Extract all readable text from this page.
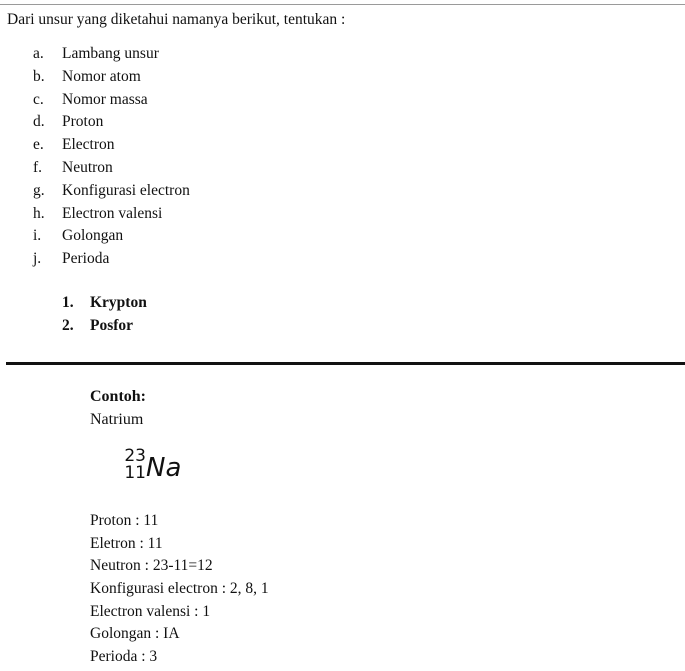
Dari unsur yang diketahui namanya berikut, tentukan :
a. Lambang unsur
b. Nomor atom
c. Nomor massa
d. Proton
e. Electron
f. Neutron
g. Konfigurasi electron
h. Electron valensi
i. Golongan
j. Perioda
1. Krypton
2. Posfor
Contoh:
Natrium
23
11 Na
Proton : 11
Eletron : 11
Neutron : 23-11=12
Konfigurasi electron : 2, 8, 1
Electron valensi : 1
Golongan : IA
Perioda : 3
